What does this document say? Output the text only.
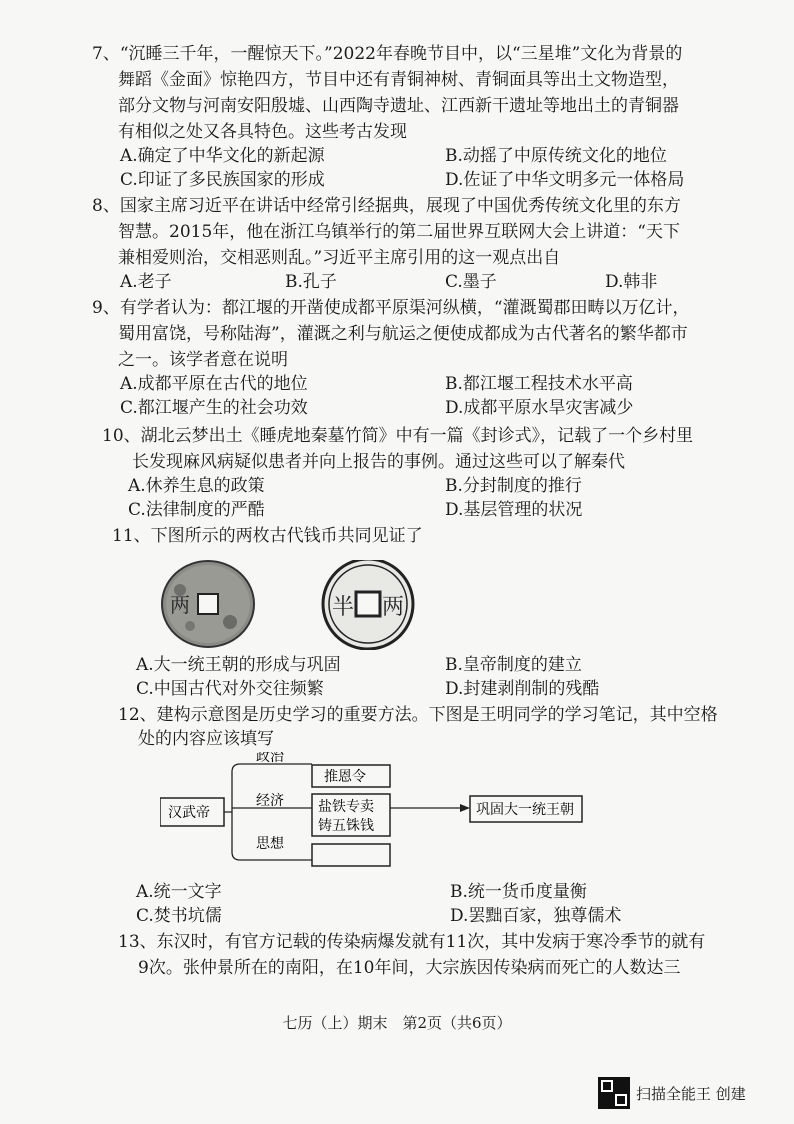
7、“沉睡三千年，一醒惊天下。”2022年春晚节目中，以“三星堆”文化为背景的
舞蹈《金面》惊艳四方，节目中还有青铜神树、青铜面具等出土文物造型，
部分文物与河南安阳殷墟、山西陶寺遗址、江西新干遗址等地出土的青铜器
有相似之处又各具特色。这些考古发现
A.确定了中华文化的新起源	B.动摇了中原传统文化的地位
C.印证了多民族国家的形成	D.佐证了中华文明多元一体格局
8、国家主席习近平在讲话中经常引经据典，展现了中国优秀传统文化里的东方
智慧。2015年，他在浙江乌镇举行的第二届世界互联网大会上讲道：“天下
兼相爱则治，交相恶则乱。”习近平主席引用的这一观点出自
A.老子	B.孔子	C.墨子	D.韩非
9、有学者认为：都江堰的开凿使成都平原渠河纵横，“灌溉蜀郡田畴以万亿计，
蜀用富饶，号称陆海”，灌溉之利与航运之便使成都成为古代著名的繁华都市
之一。该学者意在说明
A.成都平原在古代的地位	B.都江堰工程技术水平高
C.都江堰产生的社会功效	D.成都平原水旱灾害减少
10、湖北云梦出土《睡虎地秦墓竹简》中有一篇《封诊式》，记载了一个乡村里
长发现麻风病疑似患者并向上报告的事例。通过这些可以了解秦代
A.休养生息的政策	B.分封制度的推行
C.法律制度的严酷	D.基层管理的状况
11、下图所示的两枚古代钱币共同见证了
两	半 两
A.大一统王朝的形成与巩固	B.皇帝制度的建立
C.中国古代对外交往频繁	D.封建剥削制的残酷
12、建构示意图是历史学习的重要方法。下图是王明同学的学习笔记，其中空格
处的内容应该填写
汉武帝
政治
经济
思想
推恩令
盐铁专卖
铸五铢钱
巩固大一统王朝
A.统一文字	B.统一货币度量衡
C.焚书坑儒	D.罢黜百家，独尊儒术
13、东汉时，有官方记载的传染病爆发就有11次，其中发病于寒冷季节的就有
9次。张仲景所在的南阳，在10年间，大宗族因传染病而死亡的人数达三
七历（上）期末　第2页（共6页）
扫描全能王 创建
